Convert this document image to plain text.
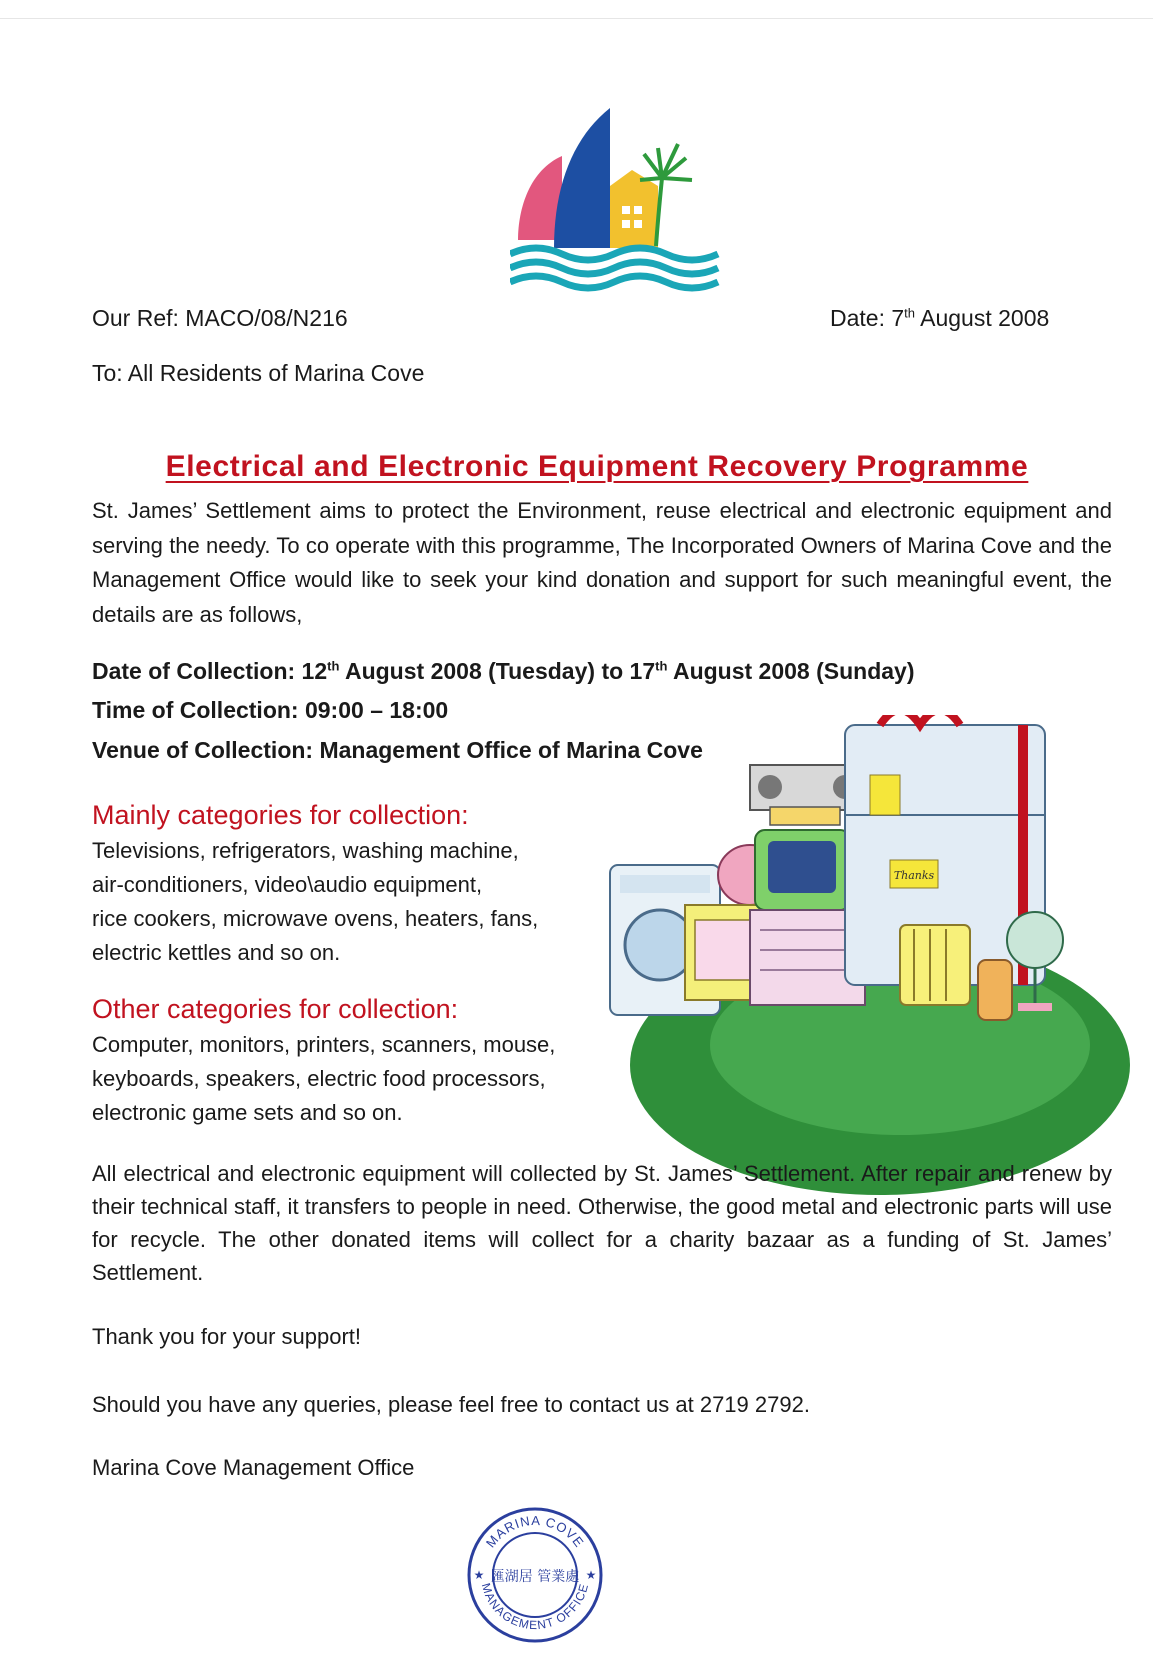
Our Ref: MACO/08/N216	Date: 7th August 2008
To: All Residents of Marina Cove
Electrical and Electronic Equipment Recovery Programme

St. James’ Settlement aims to protect the Environment, reuse electrical and electronic equipment and serving the needy. To co operate with this programme, The Incorporated Owners of Marina Cove and the Management Office would like to seek your kind donation and support for such meaningful event, the details are as follows,

Date of Collection: 12th August 2008 (Tuesday) to 17th August 2008 (Sunday)
Time of Collection: 09:00 – 18:00
Venue of Collection: Management Office of Marina Cove
Thanks
Mainly categories for collection:
Televisions, refrigerators, washing machine,
air-conditioners, video\audio equipment,
rice cookers, microwave ovens, heaters, fans,
electric kettles and so on.
Other categories for collection:
Computer, monitors, printers, scanners, mouse,
keyboards, speakers, electric food processors,
electronic game sets and so on.

All electrical and electronic equipment will collected by St. James’ Settlement. After repair and renew by their technical staff, it transfers to people in need. Otherwise, the good metal and electronic parts will use for recycle. The other donated items will collect for a charity bazaar as a funding of St. James’ Settlement.

Thank you for your support!
Should you have any queries, please feel free to contact us at 2719 2792.
Marina Cove Management Office
MARINA COVE
MANAGEMENT OFFICE
匯湖居 管業處
★	★
